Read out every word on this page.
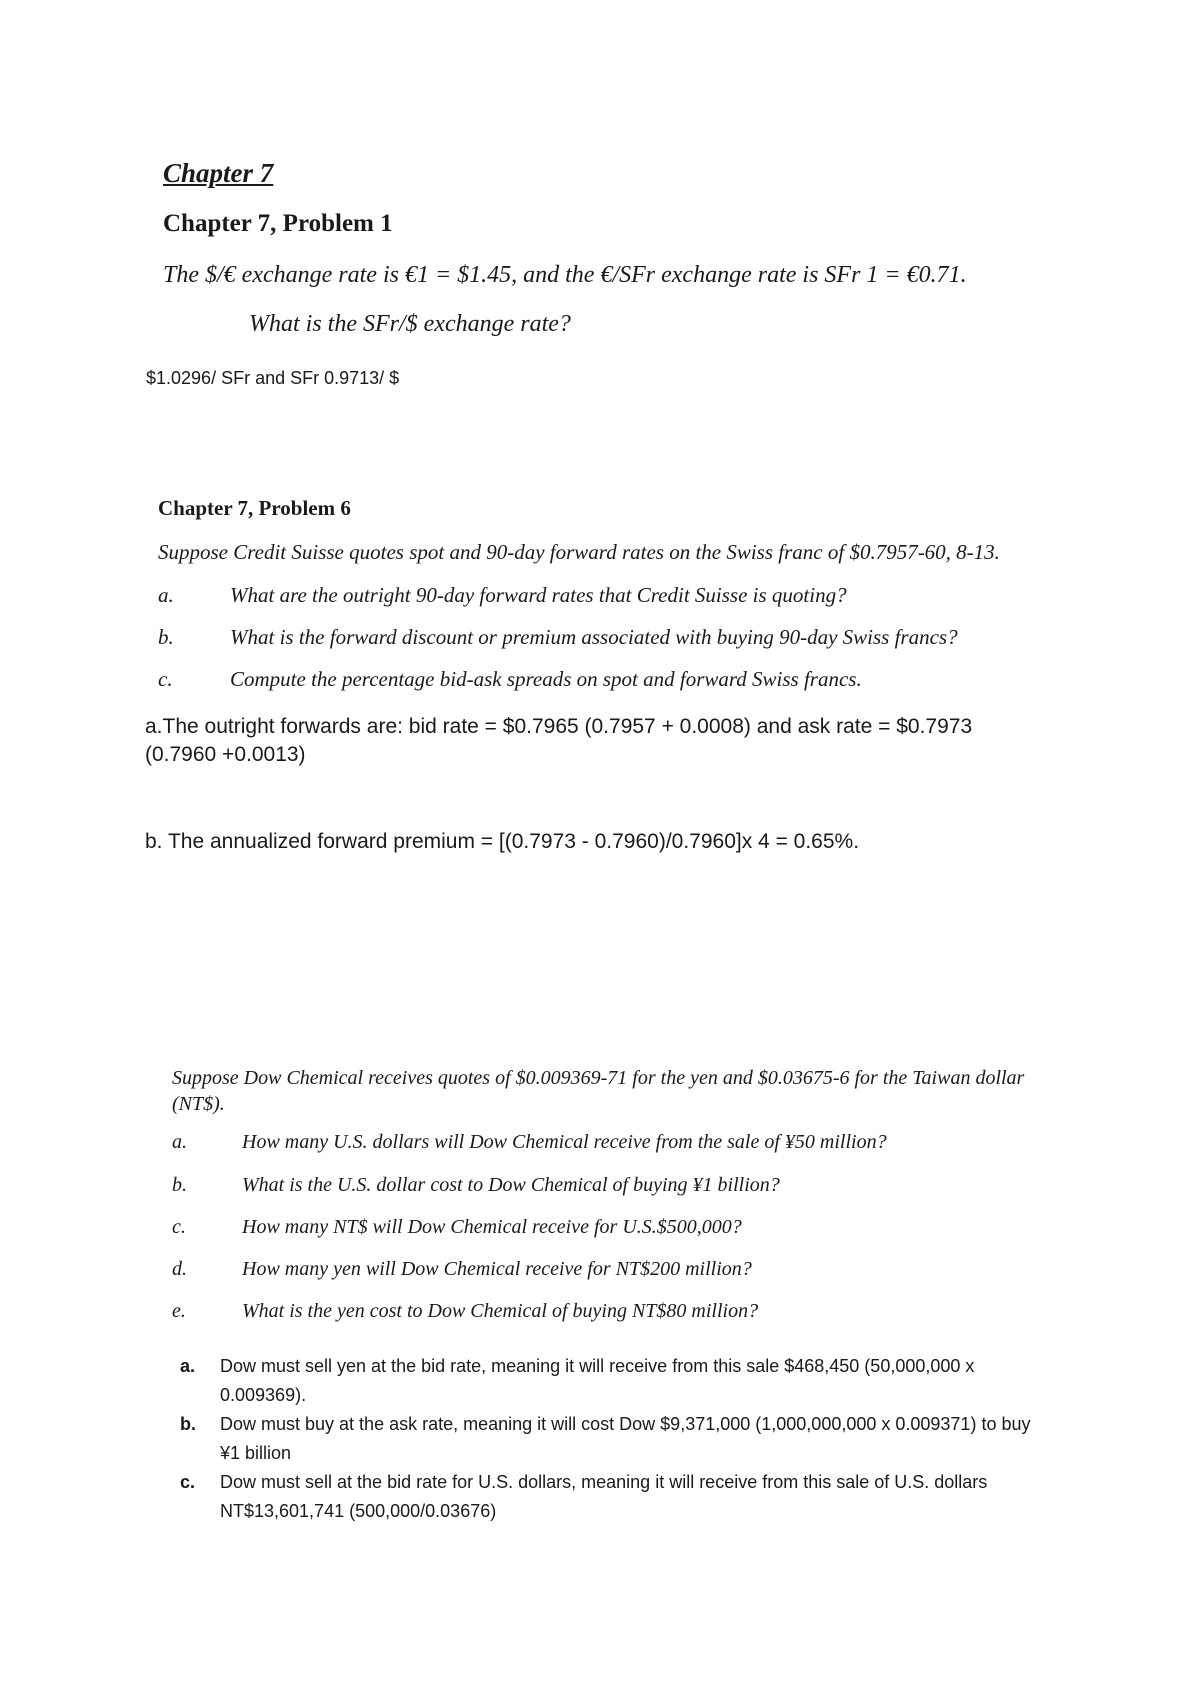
Chapter 7
Chapter 7, Problem 1
The $/€ exchange rate is €1 = $1.45, and the €/SFr exchange rate is SFr 1 = €0.71.
What is the SFr/$ exchange rate?
$1.0296/ SFr and SFr 0.9713/ $
Chapter 7, Problem 6
Suppose Credit Suisse quotes spot and 90-day forward rates on the Swiss franc of $0.7957-60, 8-13.
a.	What are the outright 90-day forward rates that Credit Suisse is quoting?
b.	What is the forward discount or premium associated with buying 90-day Swiss francs?
c.	Compute the percentage bid-ask spreads on spot and forward Swiss francs.
a.The outright forwards are: bid rate = $0.7965 (0.7957 + 0.0008) and ask rate = $0.7973 (0.7960 +0.0013)
b. The annualized forward premium = [(0.7973 - 0.7960)/0.7960]x 4 = 0.65%.
Suppose Dow Chemical receives quotes of $0.009369-71 for the yen and $0.03675-6 for the Taiwan dollar (NT$).
a.	How many U.S. dollars will Dow Chemical receive from the sale of ¥50 million?
b.	What is the U.S. dollar cost to Dow Chemical of buying ¥1 billion?
c.	How many NT$ will Dow Chemical receive for U.S.$500,000?
d.	How many yen will Dow Chemical receive for NT$200 million?
e.	What is the yen cost to Dow Chemical of buying NT$80 million?
a. Dow must sell yen at the bid rate, meaning it will receive from this sale $468,450 (50,000,000 x 0.009369).
b. Dow must buy at the ask rate, meaning it will cost Dow $9,371,000 (1,000,000,000 x 0.009371) to buy ¥1 billion
c. Dow must sell at the bid rate for U.S. dollars, meaning it will receive from this sale of U.S. dollars NT$13,601,741 (500,000/0.03676)
